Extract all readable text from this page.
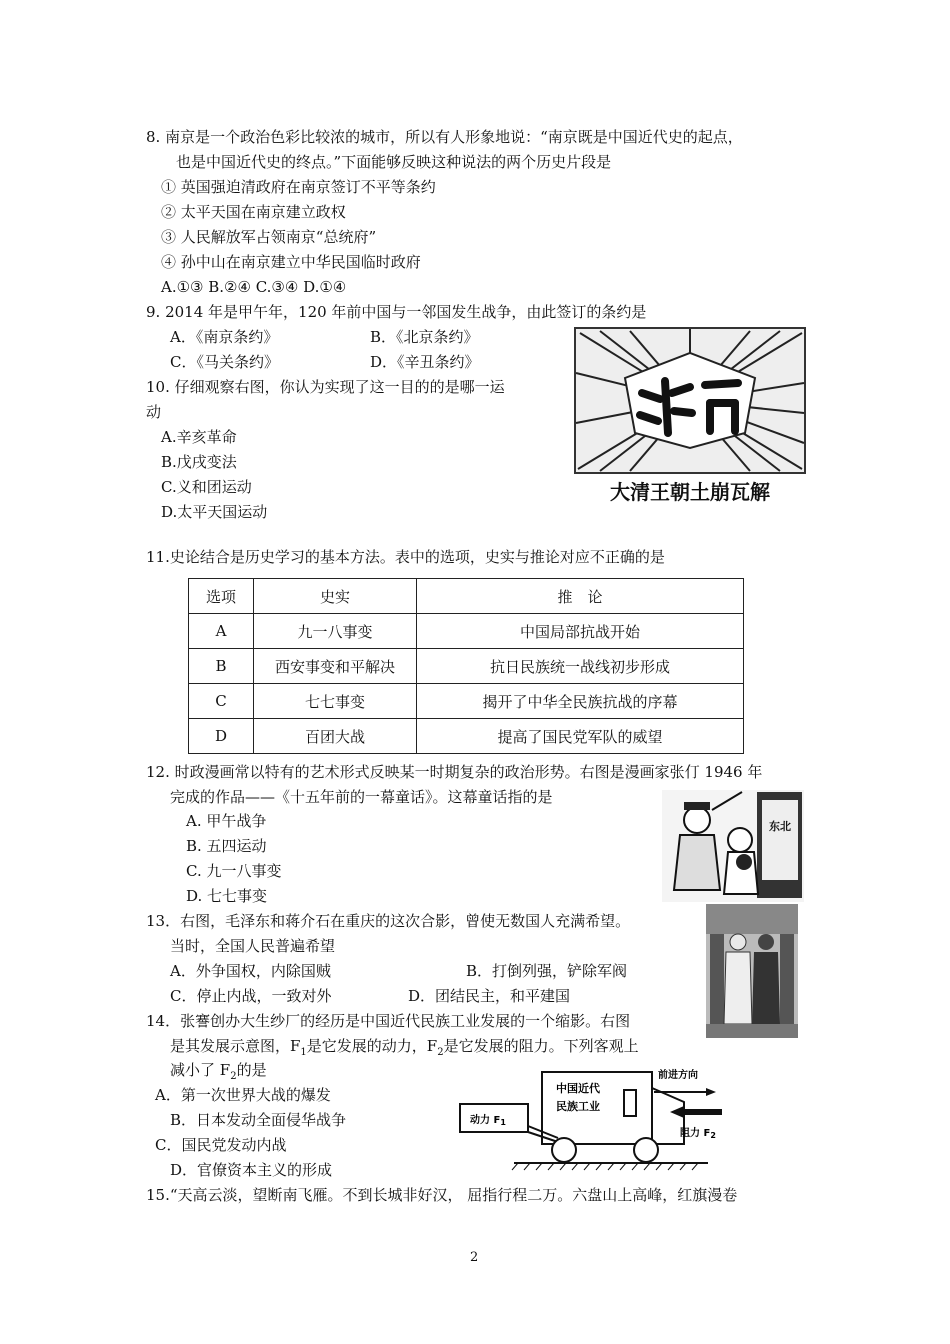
8. 南京是一个政治色彩比较浓的城市，所以有人形象地说：“南京既是中国近代史的起点，
也是中国近代史的终点。”下面能够反映这种说法的两个历史片段是
① 英国强迫清政府在南京签订不平等条约
② 太平天国在南京建立政权
③ 人民解放军占领南京“总统府”
④ 孙中山在南京建立中华民国临时政府
A.①③ B.②④ C.③④ D.①④
9. 2014 年是甲午年，120 年前中国与一邻国发生战争，由此签订的条约是
A．《南京条约》	B．《北京条约》
C．《马关条约》	D．《辛丑条约》
大清王朝土崩瓦解
10. 仔细观察右图，你认为实现了这一目的的是哪一运
动
A.辛亥革命
B.戊戌变法
C.义和团运动
D.太平天国运动
11.史论结合是历史学习的基本方法。表中的选项，史实与推论对应不正确的是
选项	史实	推　论
A	九一八事变	中国局部抗战开始
B	西安事变和平解决	抗日民族统一战线初步形成
C	七七事变	揭开了中华全民族抗战的序幕
D	百团大战	提高了国民党军队的威望
12. 时政漫画常以特有的艺术形式反映某一时期复杂的政治形势。右图是漫画家张仃 1946 年
完成的作品——《十五年前的一幕童话》。这幕童话指的是
A. 甲午战争
B. 五四运动
C. 九一八事变
D. 七七事变
东北
13．右图，毛泽东和蒋介石在重庆的这次合影，曾使无数国人充满希望。
当时，全国人民普遍希望
A．外争国权，内除国贼	B．打倒列强，铲除军阀
C．停止内战，一致对外	D．团结民主，和平建国
14．张謇创办大生纱厂的经历是中国近代民族工业发展的一个缩影。右图
是其发展示意图，$F_1$是它发展的动力，$F_2$是它发展的阻力。下列客观上
减小了 $F_2$的是
A．第一次世界大战的爆发
B．日本发动全面侵华战争
C．国民党发动内战
D．官僚资本主义的形成
中国近代
民族工业
前进方向
阻力 $F_2$
动力 $F_1$
15.“天高云淡，望断南飞雁。不到长城非好汉， 屈指行程二万。六盘山上高峰，红旗漫卷
2
